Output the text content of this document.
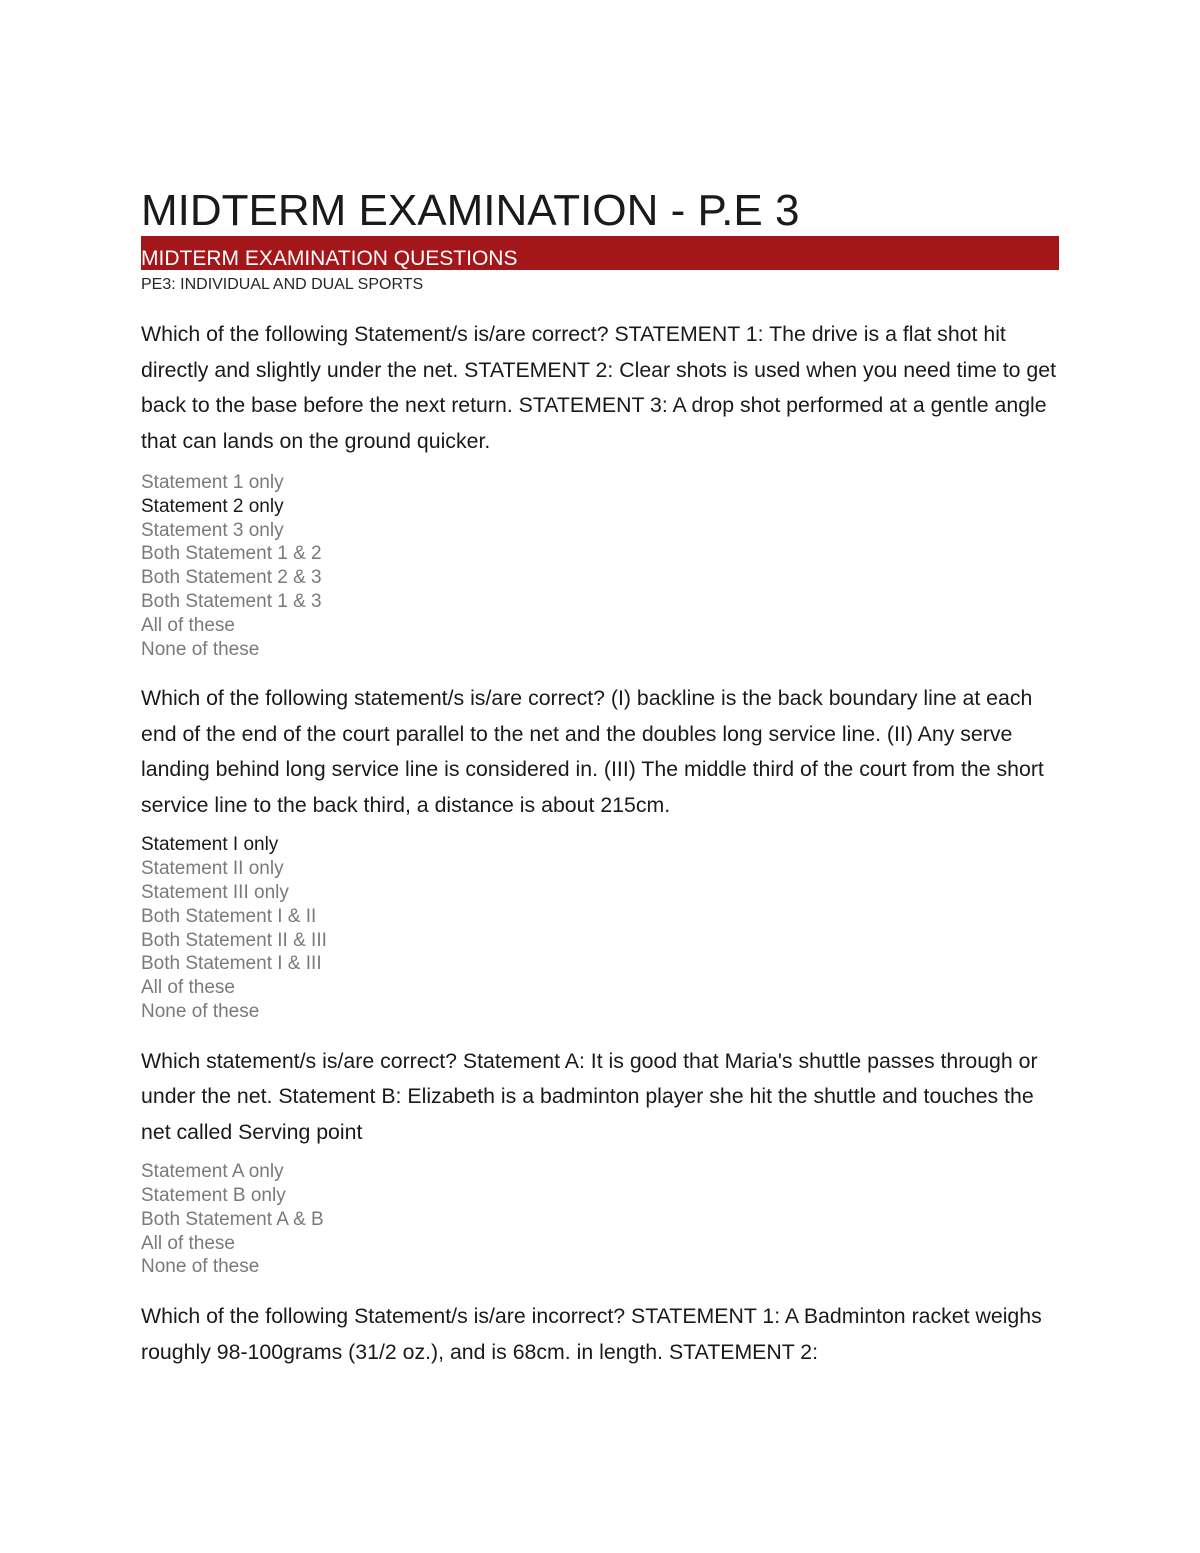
MIDTERM EXAMINATION - P.E 3
MIDTERM EXAMINATION QUESTIONS
PE3: INDIVIDUAL AND DUAL SPORTS

Which of the following Statement/s is/are correct? STATEMENT 1: The drive is a flat shot hit directly and slightly under the net. STATEMENT 2: Clear shots is used when you need time to get back to the base before the next return. STATEMENT 3: A drop shot performed at a gentle angle that can lands on the ground quicker.

Statement 1 only
Statement 2 only
Statement 3 only
Both Statement 1 & 2
Both Statement 2 & 3
Both Statement 1 & 3
All of these
None of these

Which of the following statement/s is/are correct? (I) backline is the back boundary line at each end of the end of the court parallel to the net and the doubles long service line. (II) Any serve landing behind long service line is considered in. (III) The middle third of the court from the short service line to the back third, a distance is about 215cm.

Statement I only
Statement II only
Statement III only
Both Statement I & II
Both Statement II & III
Both Statement I & III
All of these
None of these

Which statement/s is/are correct? Statement A: It is good that Maria's shuttle passes through or under the net. Statement B: Elizabeth is a badminton player she hit the shuttle and touches the net called Serving point

Statement A only
Statement B only
Both Statement A & B
All of these
None of these

Which of the following Statement/s is/are incorrect? STATEMENT 1: A Badminton racket weighs roughly 98-100grams (31/2 oz.), and is 68cm. in length. STATEMENT 2:
